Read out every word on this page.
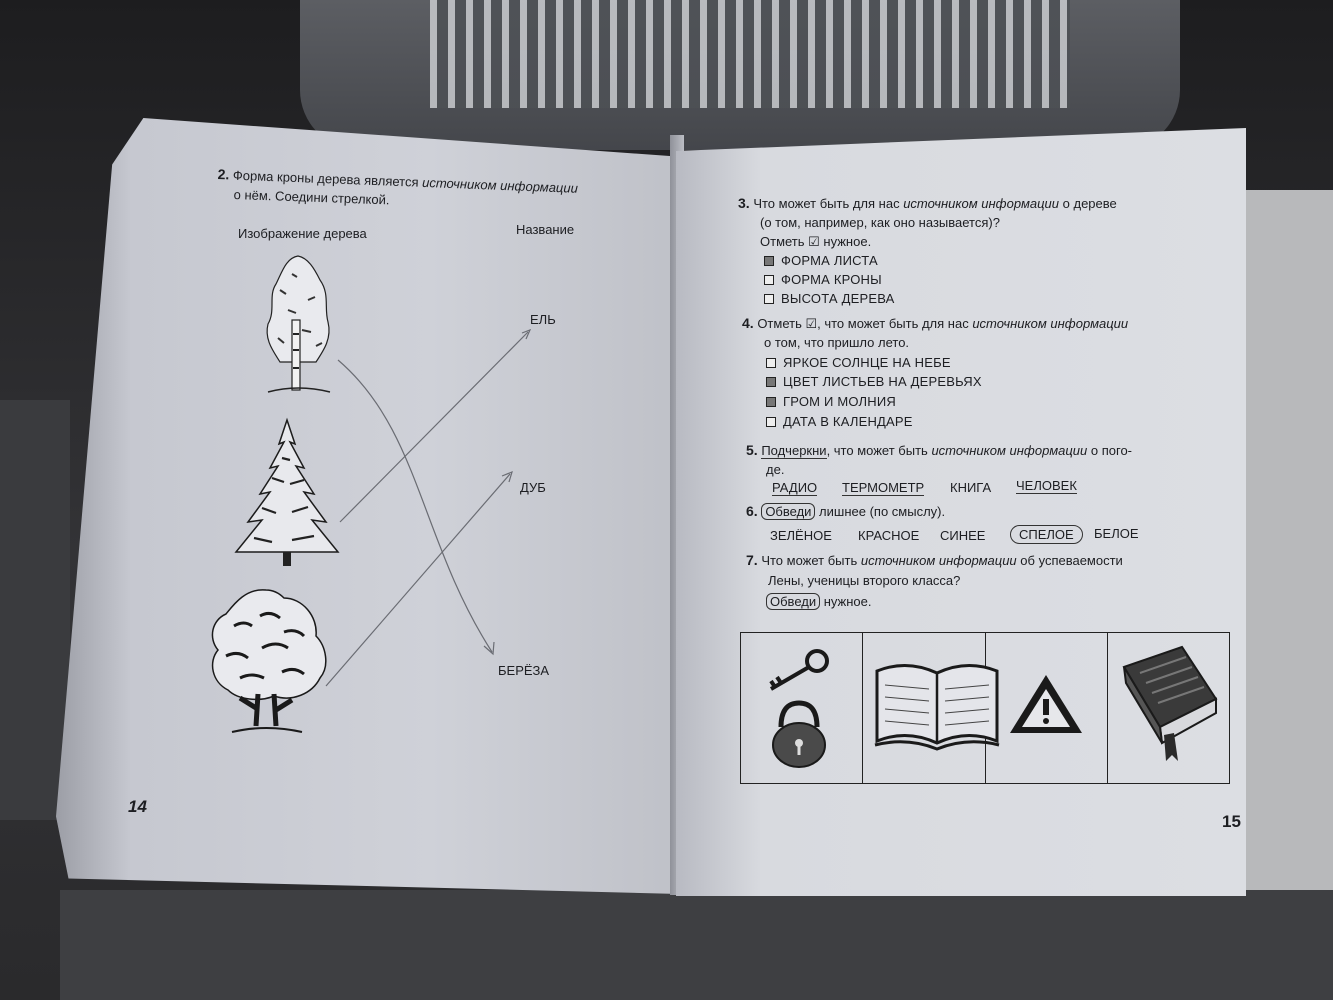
2. Форма кроны дерева является источником информации
о нём. Соедини стрелкой.
Изображение дерева	Название
ЕЛЬ
ДУБ
БЕРЁЗА
14
3. Что может быть для нас источником информации о дереве
(о том, например, как оно называется)?
Отметь ☑ нужное.
ФОРМА ЛИСТА
ФОРМА КРОНЫ
ВЫСОТА ДЕРЕВА
4. Отметь ☑, что может быть для нас источником информации
о том, что пришло лето.
ЯРКОЕ СОЛНЦЕ НА НЕБЕ
ЦВЕТ ЛИСТЬЕВ НА ДЕРЕВЬЯХ
ГРОМ И МОЛНИЯ
ДАТА В КАЛЕНДАРЕ
5. Подчеркни, что может быть источником информации о пого-
де.
РАДИО ТЕРМОМЕТР КНИГА ЧЕЛОВЕК
6. Обведи лишнее (по смыслу).
ЗЕЛЁНОЕ КРАСНОЕ СИНЕЕ	СПЕЛОЕ	БЕЛОЕ
7. Что может быть источником информации об успеваемости
Лены, ученицы второго класса?
Обведи нужное.
15
